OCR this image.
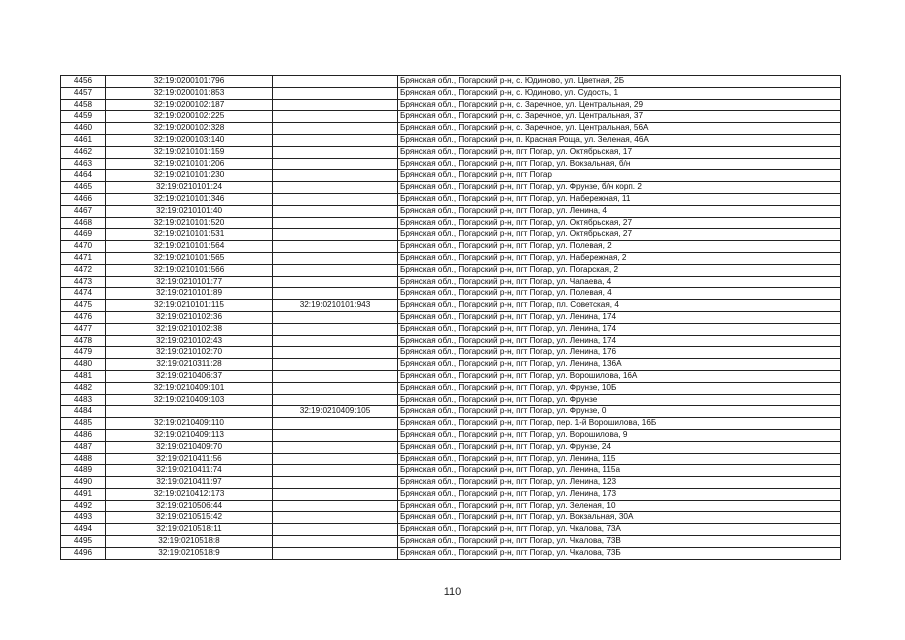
4456	32:19:0200101:796		Брянская обл., Погарский р-н, с. Юдиново, ул. Цветная, 2Б
4457	32:19:0200101:853		Брянская обл., Погарский р-н, с. Юдиново, ул. Судость, 1
4458	32:19:0200102:187		Брянская обл., Погарский р-н, с. Заречное, ул. Центральная, 29
4459	32:19:0200102:225		Брянская обл., Погарский р-н, с. Заречное, ул. Центральная, 37
4460	32:19:0200102:328		Брянская обл., Погарский р-н, с. Заречное, ул. Центральная, 56А
4461	32:19:0200103:140		Брянская обл., Погарский р-н, п. Красная Роща, ул. Зеленая, 46А
4462	32:19:0210101:159		Брянская обл., Погарский р-н, пгт Погар, ул. Октябрьская, 17
4463	32:19:0210101:206		Брянская обл., Погарский р-н, пгт Погар, ул. Вокзальная, б/н
4464	32:19:0210101:230		Брянская обл., Погарский р-н, пгт Погар
4465	32:19:0210101:24		Брянская обл., Погарский р-н, пгт Погар, ул. Фрунзе, б/н корп. 2
4466	32:19:0210101:346		Брянская обл., Погарский р-н, пгт Погар, ул. Набережная, 11
4467	32:19:0210101:40		Брянская обл., Погарский р-н, пгт Погар, ул. Ленина, 4
4468	32:19:0210101:520		Брянская обл., Погарский р-н, пгт Погар, ул. Октябрьская, 27
4469	32:19:0210101:531		Брянская обл., Погарский р-н, пгт Погар, ул. Октябрьская, 27
4470	32:19:0210101:564		Брянская обл., Погарский р-н, пгт Погар, ул. Полевая, 2
4471	32:19:0210101:565		Брянская обл., Погарский р-н, пгт Погар, ул. Набережная, 2
4472	32:19:0210101:566		Брянская обл., Погарский р-н, пгт Погар, ул. Погарская, 2
4473	32:19:0210101:77		Брянская обл., Погарский р-н, пгт Погар, ул. Чапаева, 4
4474	32:19:0210101:89		Брянская обл., Погарский р-н, пгт Погар, ул. Полевая, 4
4475	32:19:0210101:115	32:19:0210101:943	Брянская обл., Погарский р-н, пгт Погар, пл. Советская, 4
4476	32:19:0210102:36		Брянская обл., Погарский р-н, пгт Погар, ул. Ленина, 174
4477	32:19:0210102:38		Брянская обл., Погарский р-н, пгт Погар, ул. Ленина, 174
4478	32:19:0210102:43		Брянская обл., Погарский р-н, пгт Погар, ул. Ленина, 174
4479	32:19:0210102:70		Брянская обл., Погарский р-н, пгт Погар, ул. Ленина, 176
4480	32:19:0210311:28		Брянская обл., Погарский р-н, пгт Погар, ул. Ленина, 136А
4481	32:19:0210406:37		Брянская обл., Погарский р-н, пгт Погар, ул. Ворошилова, 16А
4482	32:19:0210409:101		Брянская обл., Погарский р-н, пгт Погар, ул. Фрунзе, 10Б
4483	32:19:0210409:103		Брянская обл., Погарский р-н, пгт Погар, ул. Фрунзе
4484		32:19:0210409:105	Брянская обл., Погарский р-н, пгт Погар, ул. Фрунзе, 0
4485	32:19:0210409:110		Брянская обл., Погарский р-н, пгт Погар, пер. 1-й Ворошилова, 16Б
4486	32:19:0210409:113		Брянская обл., Погарский р-н, пгт Погар, ул. Ворошилова, 9
4487	32:19:0210409:70		Брянская обл., Погарский р-н, пгт Погар, ул. Фрунзе, 24
4488	32:19:0210411:56		Брянская обл., Погарский р-н, пгт Погар, ул. Ленина, 115
4489	32:19:0210411:74		Брянская обл., Погарский р-н, пгт Погар, ул. Ленина, 115а
4490	32:19:0210411:97		Брянская обл., Погарский р-н, пгт Погар, ул. Ленина, 123
4491	32:19:0210412:173		Брянская обл., Погарский р-н, пгт Погар, ул. Ленина, 173
4492	32:19:0210506:44		Брянская обл., Погарский р-н, пгт Погар, ул. Зеленая, 10
4493	32:19:0210515:42		Брянская обл., Погарский р-н, пгт Погар, ул. Вокзальная, 30А
4494	32:19:0210518:11		Брянская обл., Погарский р-н, пгт Погар, ул. Чкалова, 73А
4495	32:19:0210518:8		Брянская обл., Погарский р-н, пгт Погар, ул. Чкалова, 73В
4496	32:19:0210518:9		Брянская обл., Погарский р-н, пгт Погар, ул. Чкалова, 73Б
110
